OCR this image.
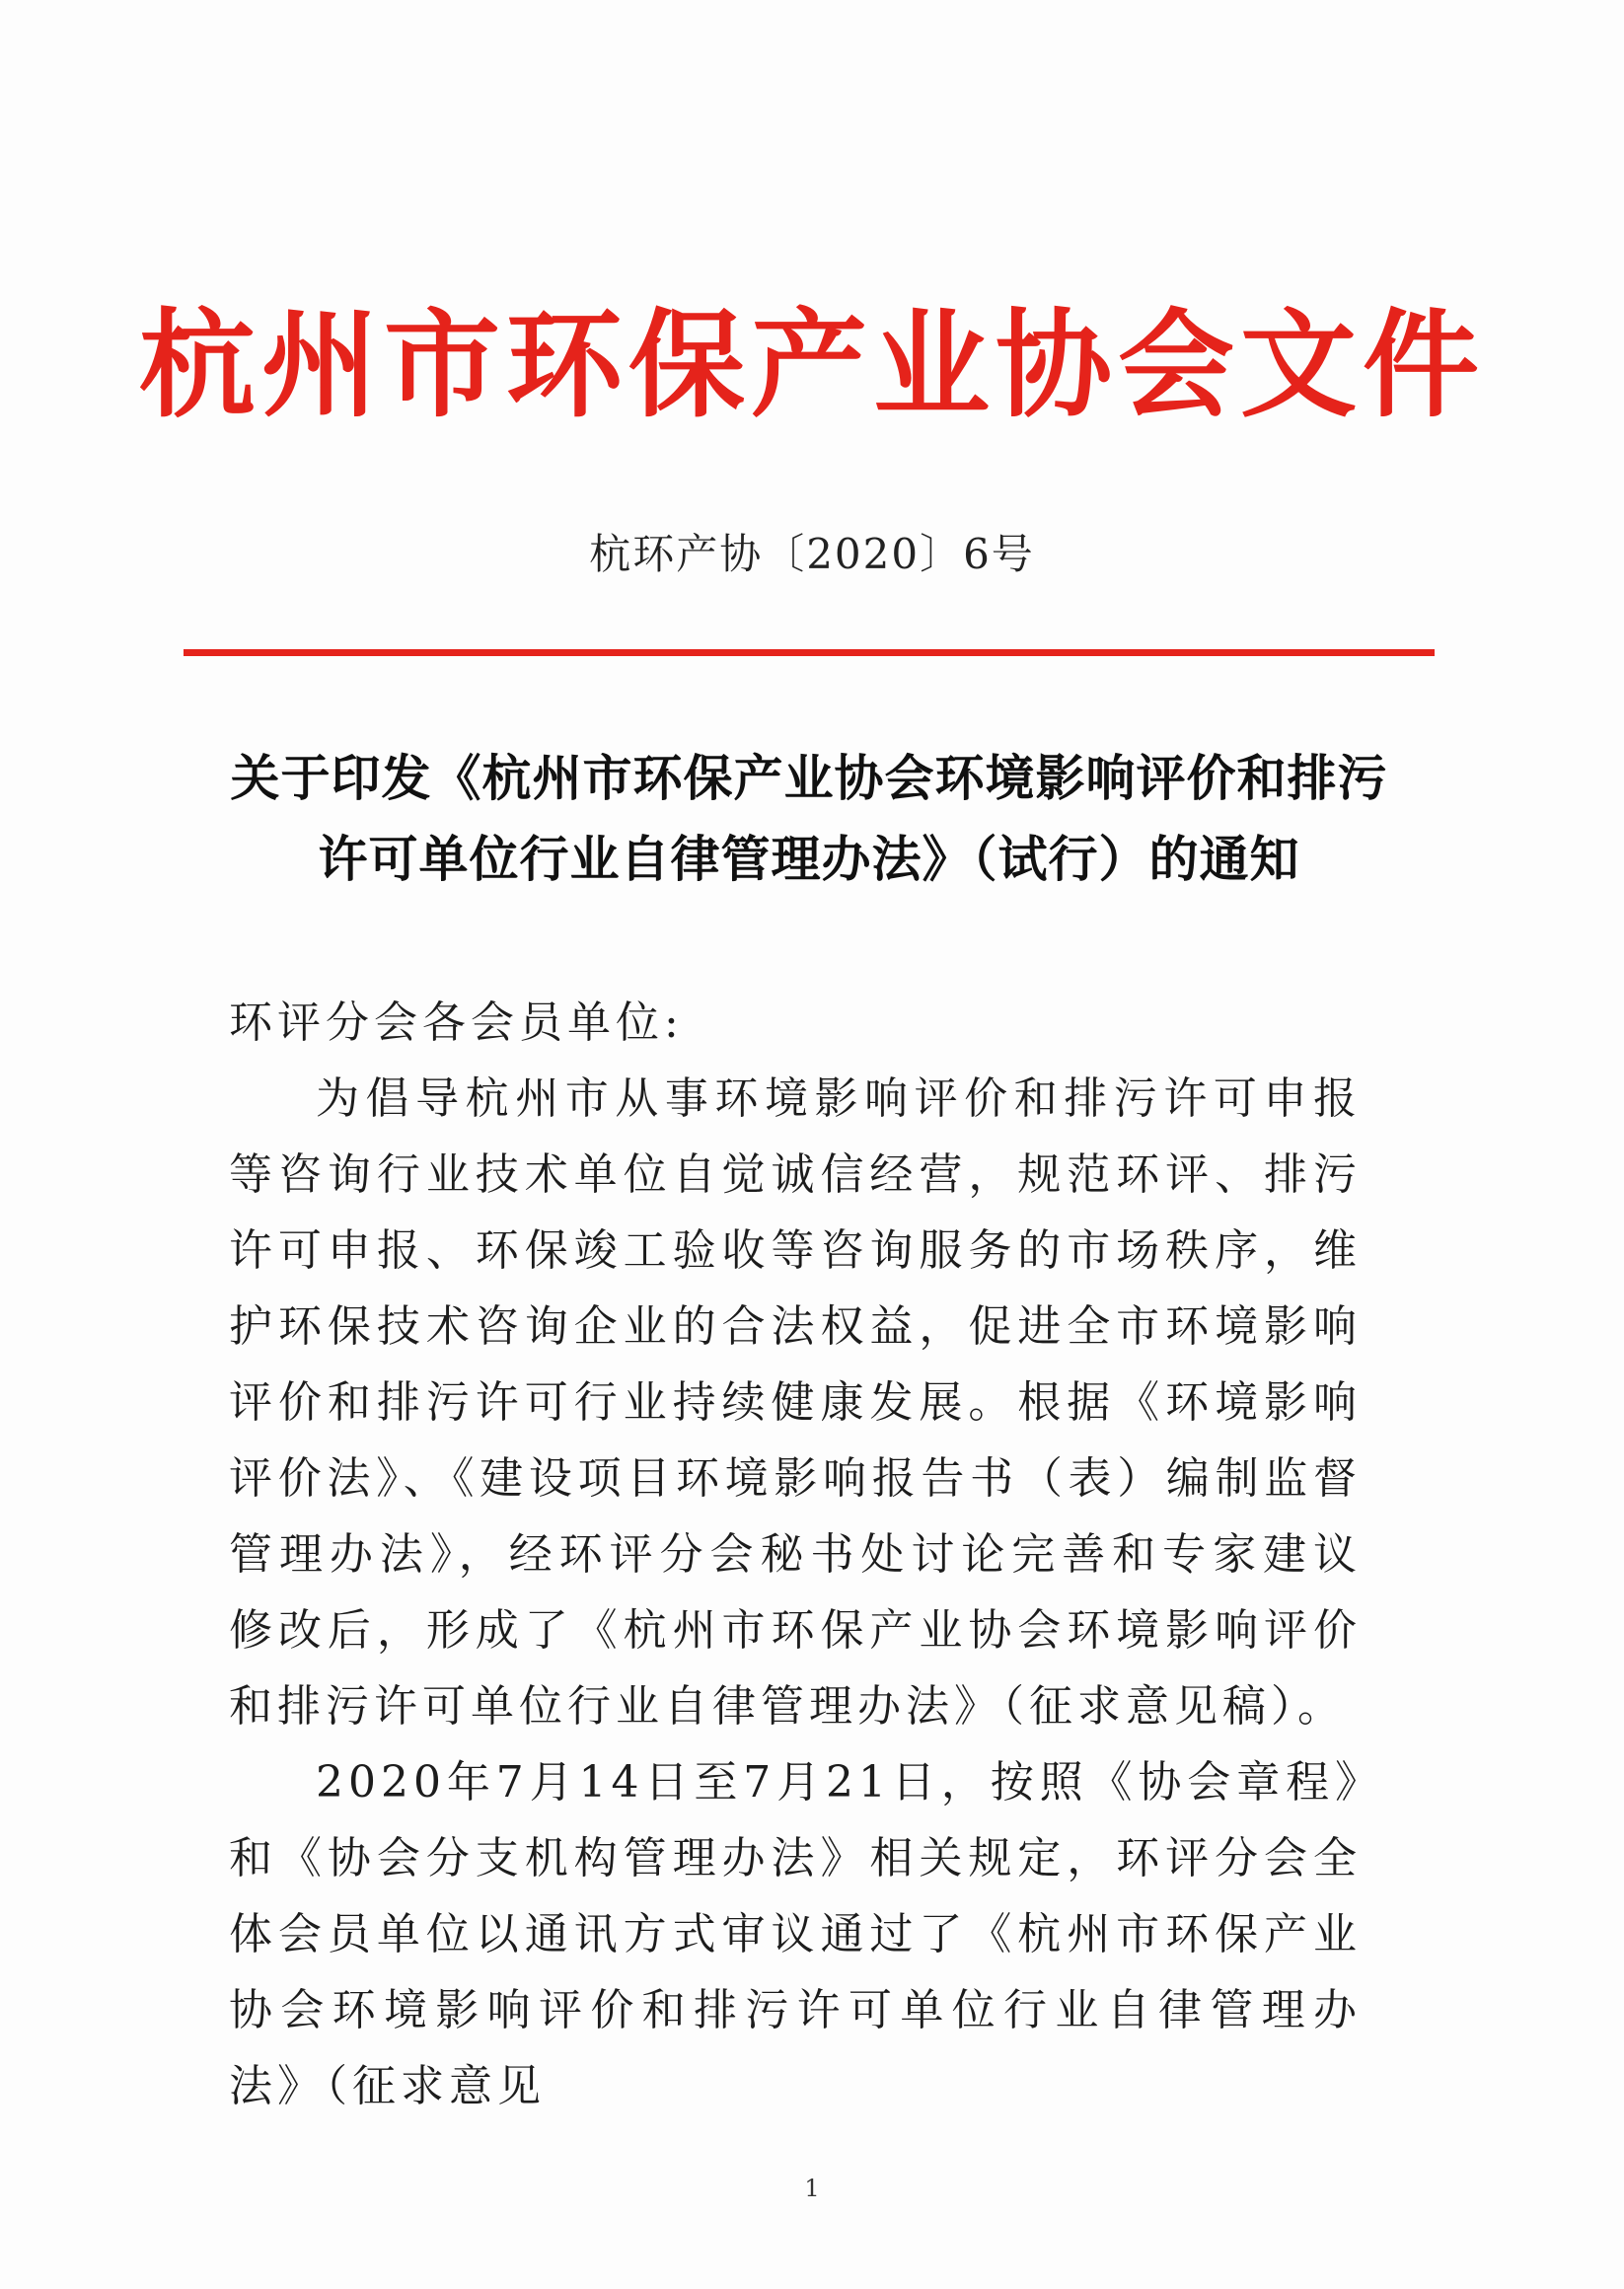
杭州市环保产业协会文件
杭环产协〔2020〕6号
关于印发《杭州市环保产业协会环境影响评价和排污
许可单位行业自律管理办法》（试行）的通知

环评分会各会员单位:

为倡导杭州市从事环境影响评价和排污许可申报等咨询行业技术单位自觉诚信经营，规范环评、排污许可申报、环保竣工验收等咨询服务的市场秩序，维护环保技术咨询企业的合法权益，促进全市环境影响评价和排污许可行业持续健康发展。根据《环境影响评价法》、《建设项目环境影响报告书（表）编制监督管理办法》，经环评分会秘书处讨论完善和专家建议修改后，形成了《杭州市环保产业协会环境影响评价和排污许可单位行业自律管理办法》（征求意见稿）。

2020年7月14日至7月21日，按照《协会章程》和《协会分支机构管理办法》相关规定，环评分会全体会员单位以通讯方式审议通过了《杭州市环保产业协会环境影响评价和排污许可单位行业自律管理办法》（征求意见

1
